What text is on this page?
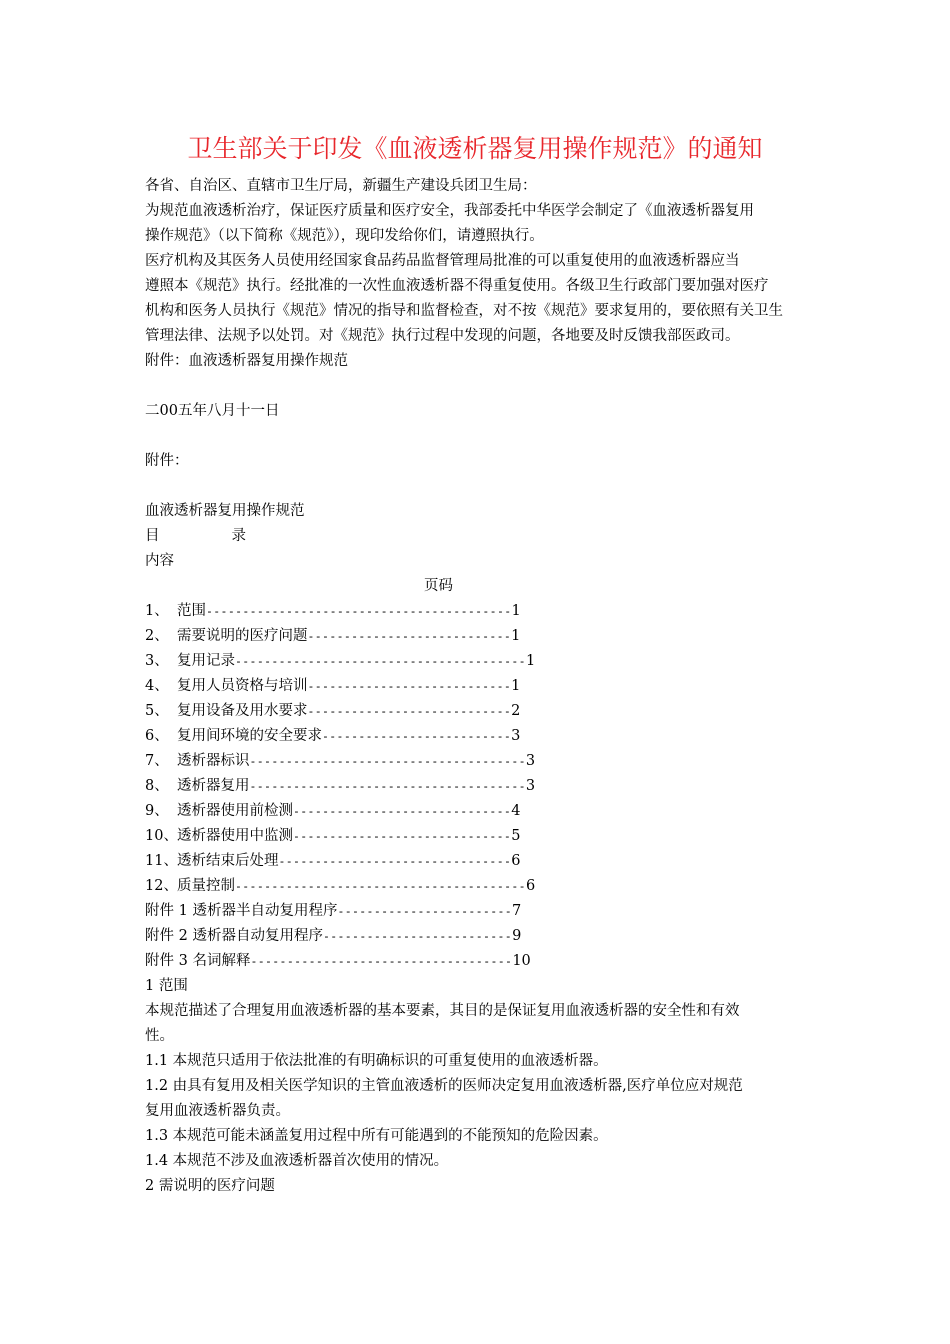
卫生部关于印发《血液透析器复用操作规范》的通知
各省、自治区、直辖市卫生厅局，新疆生产建设兵团卫生局：
为规范血液透析治疗，保证医疗质量和医疗安全，我部委托中华医学会制定了《血液透析器复用
操作规范》（以下简称《规范》），现印发给你们，请遵照执行。
医疗机构及其医务人员使用经国家食品药品监督管理局批准的可以重复使用的血液透析器应当
遵照本《规范》执行。经批准的一次性血液透析器不得重复使用。各级卫生行政部门要加强对医疗
机构和医务人员执行《规范》情况的指导和监督检查，对不按《规范》要求复用的，要依照有关卫生
管理法律、法规予以处罚。对《规范》执行过程中发现的问题，各地要及时反馈我部医政司。
附件：血液透析器复用操作规范
二00五年八月十一日
附件：
血液透析器复用操作规范
目	录
内容
页码
1、 范围------------------------------------------1
2、 需要说明的医疗问题----------------------------1
3、 复用记录----------------------------------------1
4、 复用人员资格与培训----------------------------1
5、 复用设备及用水要求----------------------------2
6、 复用间环境的安全要求--------------------------3
7、 透析器标识--------------------------------------3
8、 透析器复用--------------------------------------3
9、 透析器使用前检测------------------------------4
10、透析器使用中监测------------------------------5
11、透析结束后处理--------------------------------6
12、质量控制----------------------------------------6
附件 1 透析器半自动复用程序------------------------7
附件 2 透析器自动复用程序--------------------------9
附件 3 名词解释------------------------------------10
1 范围
本规范描述了合理复用血液透析器的基本要素，其目的是保证复用血液透析器的安全性和有效
性。
1.1 本规范只适用于依法批准的有明确标识的可重复使用的血液透析器。
1.2 由具有复用及相关医学知识的主管血液透析的医师决定复用血液透析器,医疗单位应对规范
复用血液透析器负责。
1.3 本规范可能未涵盖复用过程中所有可能遇到的不能预知的危险因素。
1.4 本规范不涉及血液透析器首次使用的情况。
2 需说明的医疗问题
